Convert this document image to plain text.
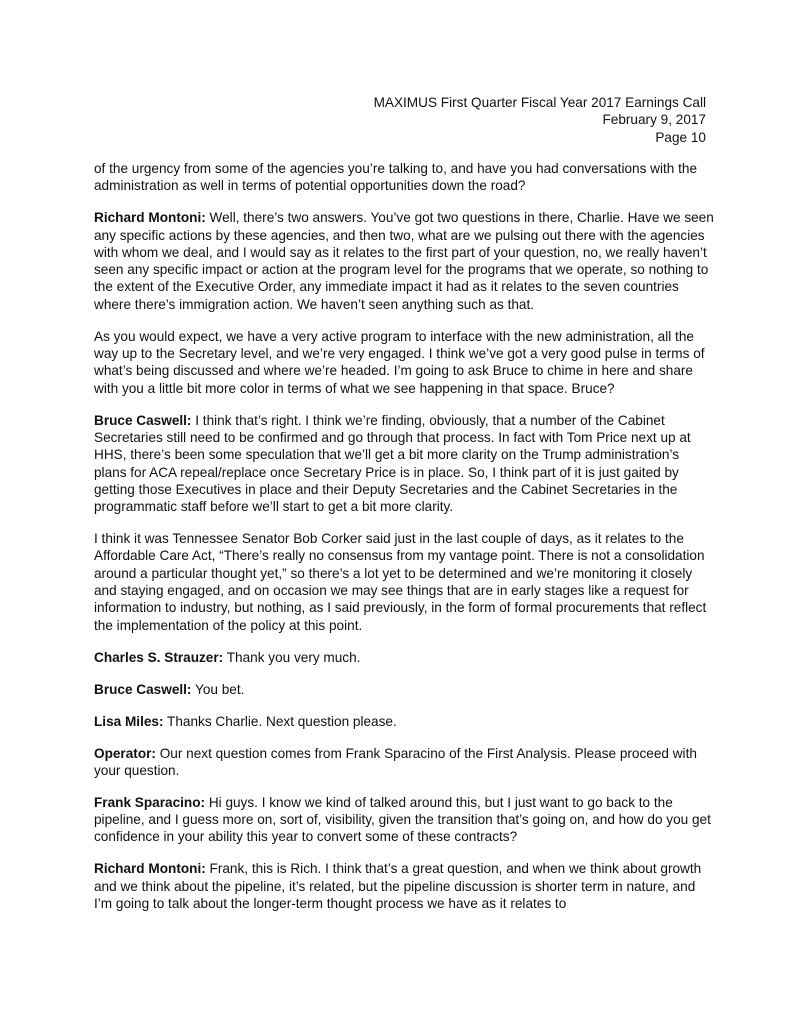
MAXIMUS First Quarter Fiscal Year 2017 Earnings Call
February 9, 2017
Page 10

of the urgency from some of the agencies you’re talking to, and have you had conversations with the administration as well in terms of potential opportunities down the road?

Richard Montoni: Well, there’s two answers. You’ve got two questions in there, Charlie. Have we seen any specific actions by these agencies, and then two, what are we pulsing out there with the agencies with whom we deal, and I would say as it relates to the first part of your question, no, we really haven’t seen any specific impact or action at the program level for the programs that we operate, so nothing to the extent of the Executive Order, any immediate impact it had as it relates to the seven countries where there’s immigration action. We haven’t seen anything such as that.

As you would expect, we have a very active program to interface with the new administration, all the way up to the Secretary level, and we’re very engaged. I think we’ve got a very good pulse in terms of what’s being discussed and where we’re headed. I’m going to ask Bruce to chime in here and share with you a little bit more color in terms of what we see happening in that space. Bruce?

Bruce Caswell: I think that’s right. I think we’re finding, obviously, that a number of the Cabinet Secretaries still need to be confirmed and go through that process. In fact with Tom Price next up at HHS, there’s been some speculation that we’ll get a bit more clarity on the Trump administration’s plans for ACA repeal/replace once Secretary Price is in place. So, I think part of it is just gaited by getting those Executives in place and their Deputy Secretaries and the Cabinet Secretaries in the programmatic staff before we’ll start to get a bit more clarity.

I think it was Tennessee Senator Bob Corker said just in the last couple of days, as it relates to the Affordable Care Act, “There’s really no consensus from my vantage point. There is not a consolidation around a particular thought yet,” so there’s a lot yet to be determined and we’re monitoring it closely and staying engaged, and on occasion we may see things that are in early stages like a request for information to industry, but nothing, as I said previously, in the form of formal procurements that reflect the implementation of the policy at this point.

Charles S. Strauzer: Thank you very much.

Bruce Caswell: You bet.

Lisa Miles: Thanks Charlie. Next question please.

Operator: Our next question comes from Frank Sparacino of the First Analysis. Please proceed with your question.

Frank Sparacino: Hi guys. I know we kind of talked around this, but I just want to go back to the pipeline, and I guess more on, sort of, visibility, given the transition that’s going on, and how do you get confidence in your ability this year to convert some of these contracts?

Richard Montoni: Frank, this is Rich. I think that’s a great question, and when we think about growth and we think about the pipeline, it’s related, but the pipeline discussion is shorter term in nature, and I’m going to talk about the longer-term thought process we have as it relates to
